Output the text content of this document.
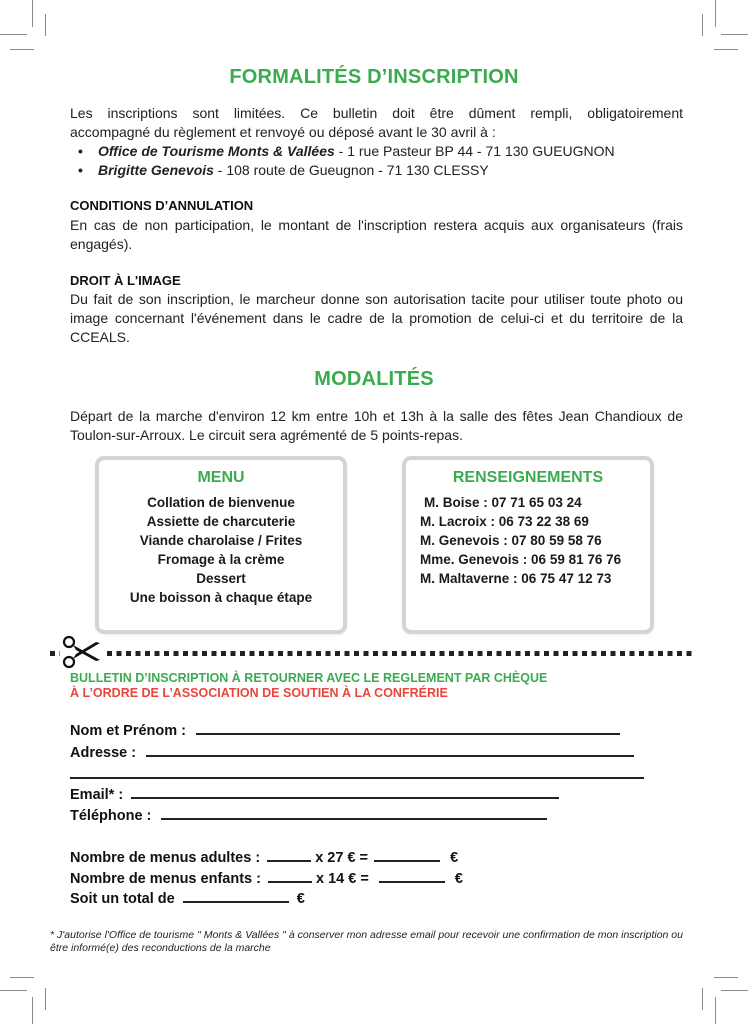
FORMALITÉS D’INSCRIPTION
Les inscriptions sont limitées. Ce bulletin doit être dûment rempli, obligatoirement
accompagné du règlement et renvoyé ou déposé avant le 30 avril à :
• Office de Tourisme Monts & Vallées - 1 rue Pasteur BP 44 - 71 130 GUEUGNON
• Brigitte Genevois - 108 route de Gueugnon - 71 130 CLESSY
CONDITIONS D’ANNULATION
En cas de non participation, le montant de l'inscription restera acquis aux organisateurs (frais engagés).
DROIT À L'IMAGE
Du fait de son inscription, le marcheur donne son autorisation tacite pour utiliser toute photo ou image concernant l'événement dans le cadre de la promotion de celui-ci et du territoire de la CCEALS.
MODALITÉS
Départ de la marche d'environ 12 km entre 10h et 13h à la salle des fêtes Jean Chandioux de Toulon-sur-Arroux. Le circuit sera agrémenté de 5 points-repas.
MENU
Collation de bienvenue
Assiette de charcuterie
Viande charolaise / Frites
Fromage à la crème
Dessert
Une boisson à chaque étape
RENSEIGNEMENTS
M. Boise : 07 71 65 03 24
M. Lacroix : 06 73 22 38 69
M. Genevois : 07 80 59 58 76
Mme. Genevois : 06 59 81 76 76
M. Maltaverne : 06 75 47 12 73
BULLETIN D’INSCRIPTION À RETOURNER AVEC LE REGLEMENT PAR CHÈQUE
À L’ORDRE DE L’ASSOCIATION DE SOUTIEN À LA CONFRÉRIE
Nom et Prénom :
Adresse :
Email* :
Téléphone :
Nombre de menus adultes :	x 27 € =	€
Nombre de menus enfants :	x 14 € =	€
Soit un total de	€
* J'autorise l'Office de tourisme " Monts & Vallées " à conserver mon adresse email pour recevoir une confirmation de mon inscription ou être informé(e) des reconductions de la marche
